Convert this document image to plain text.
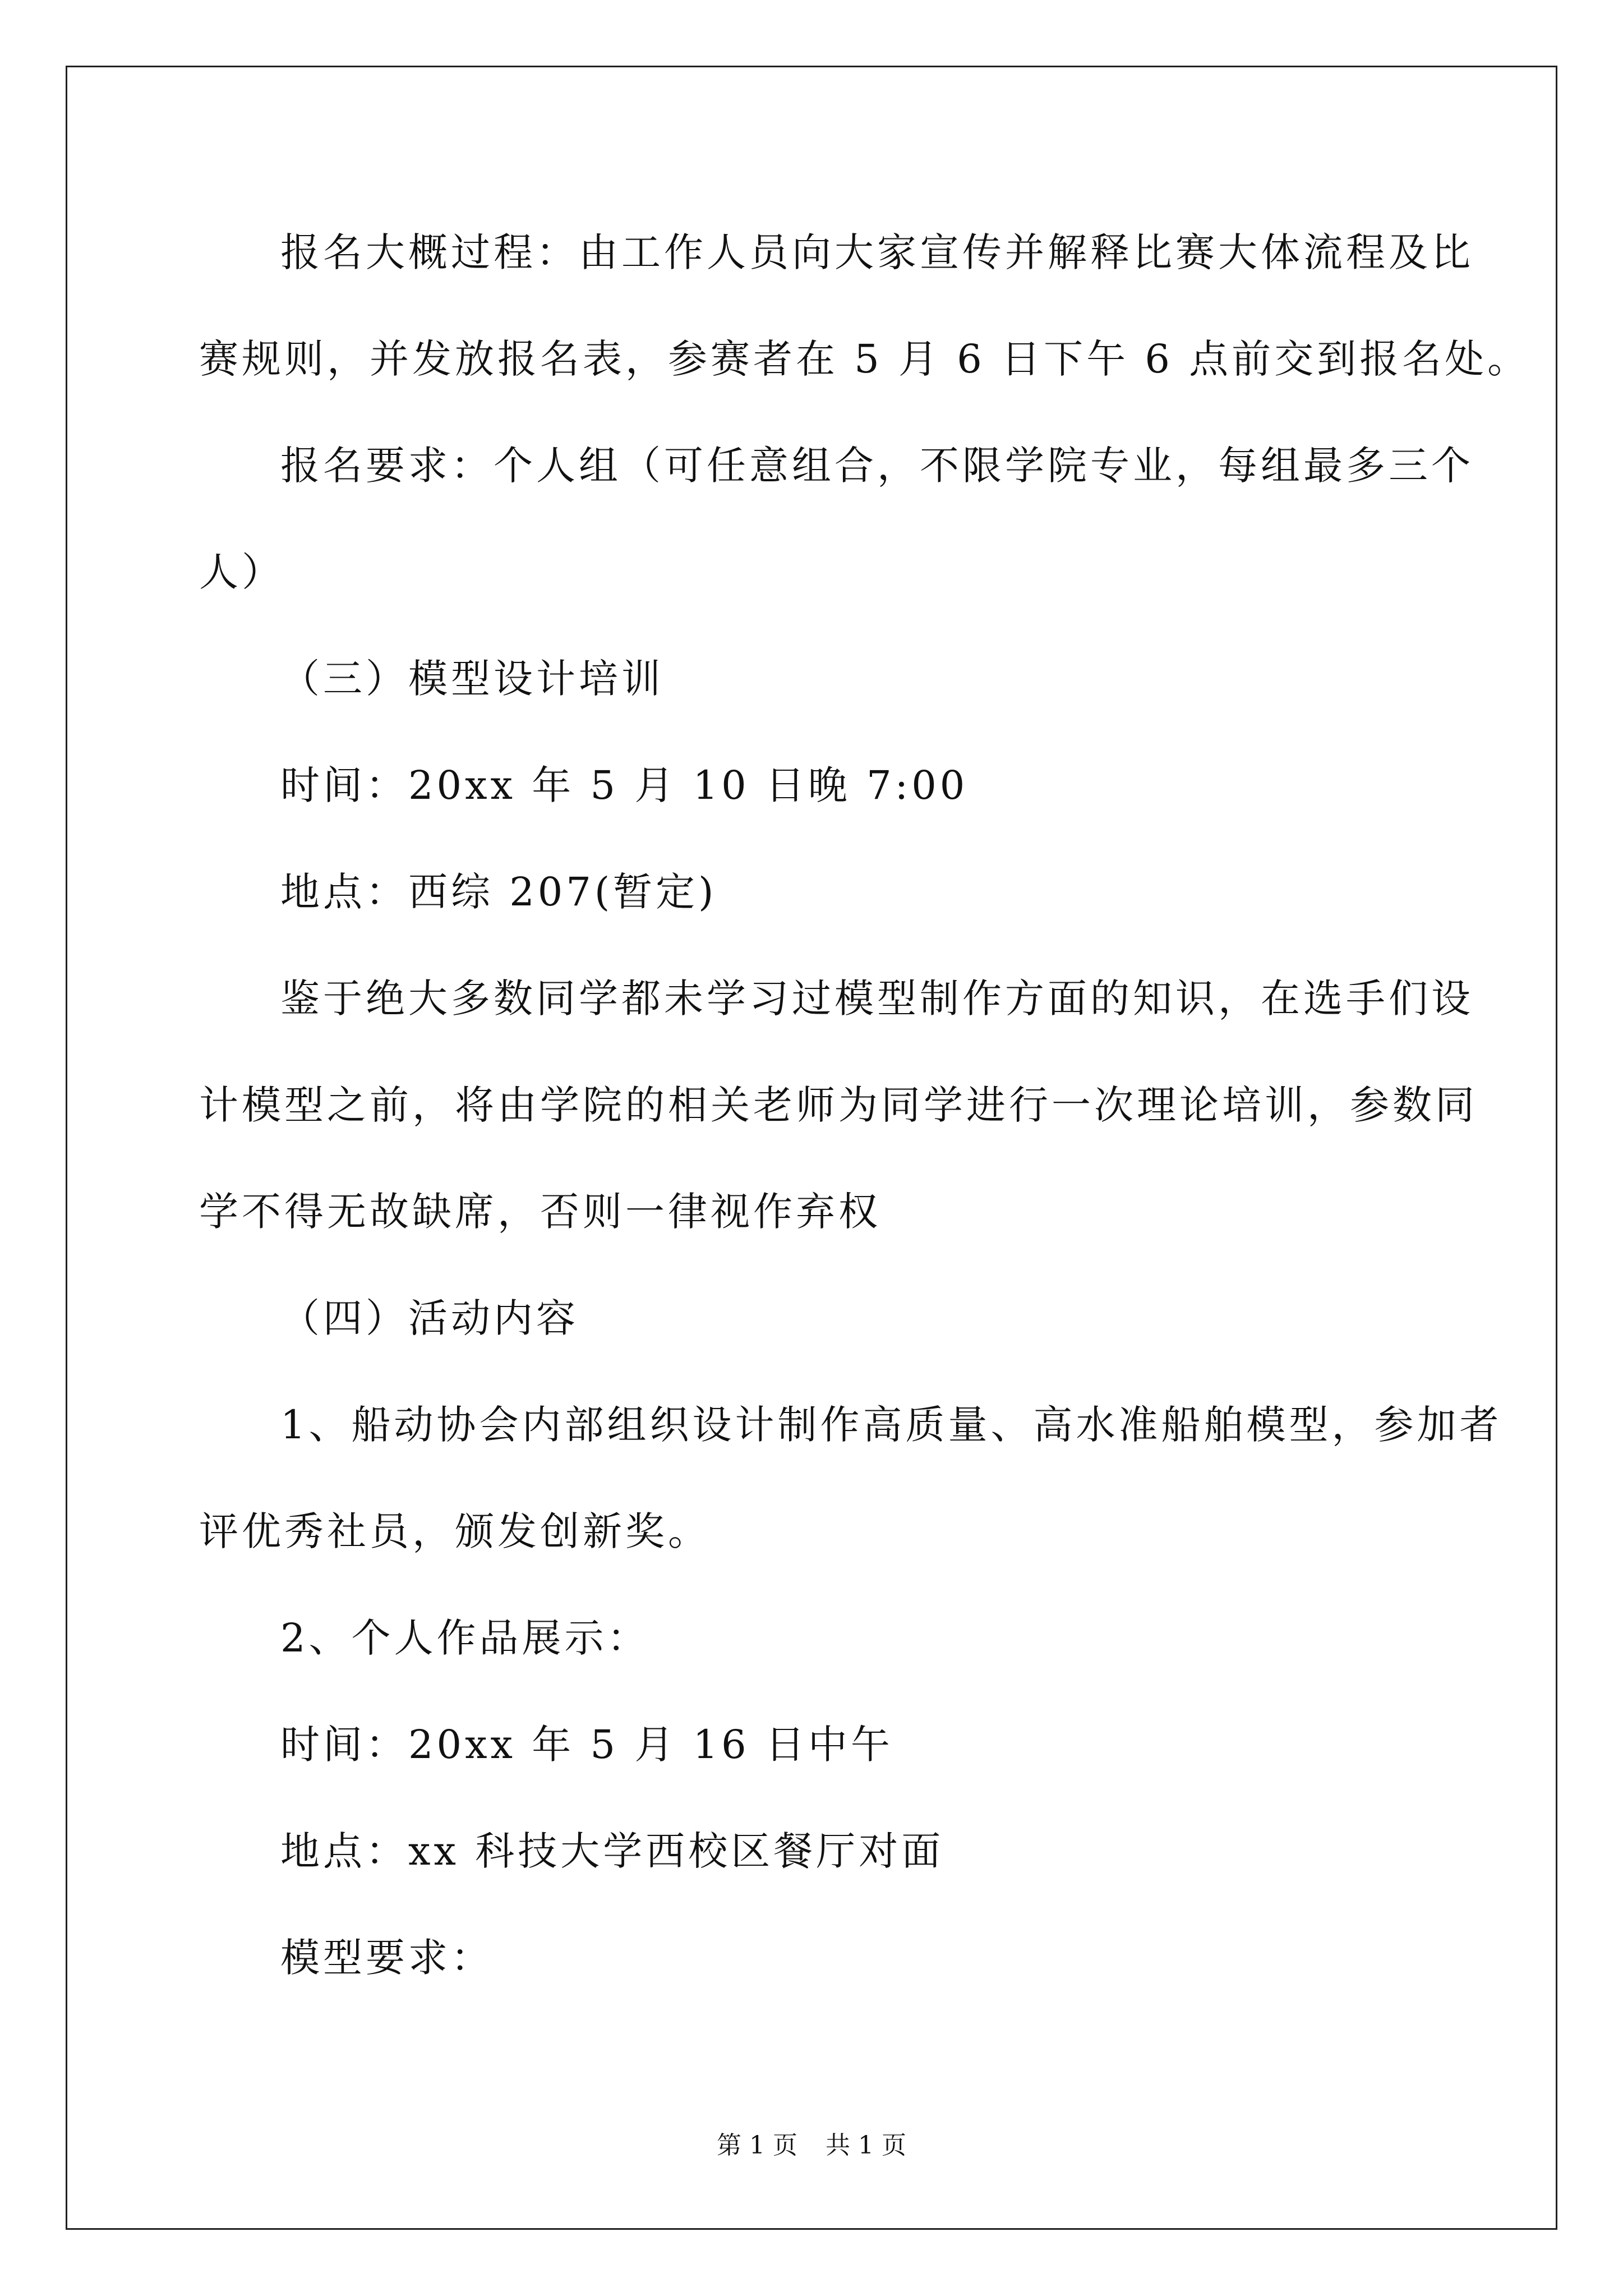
报名大概过程：由工作人员向大家宣传并解释比赛大体流程及比
赛规则，并发放报名表，参赛者在 5 月 6 日下午 6 点前交到报名处。
报名要求：个人组（可任意组合，不限学院专业，每组最多三个
人）
（三）模型设计培训
时间：20xx 年 5 月 10 日晚 7:00
地点：西综 207(暂定)
鉴于绝大多数同学都未学习过模型制作方面的知识，在选手们设
计模型之前，将由学院的相关老师为同学进行一次理论培训，参数同
学不得无故缺席，否则一律视作弃权
（四）活动内容
1、船动协会内部组织设计制作高质量、高水准船舶模型，参加者
评优秀社员，颁发创新奖。
2、个人作品展示：
时间：20xx 年 5 月 16 日中午
地点：xx 科技大学西校区餐厅对面
模型要求：
第 1 页 共 1 页
